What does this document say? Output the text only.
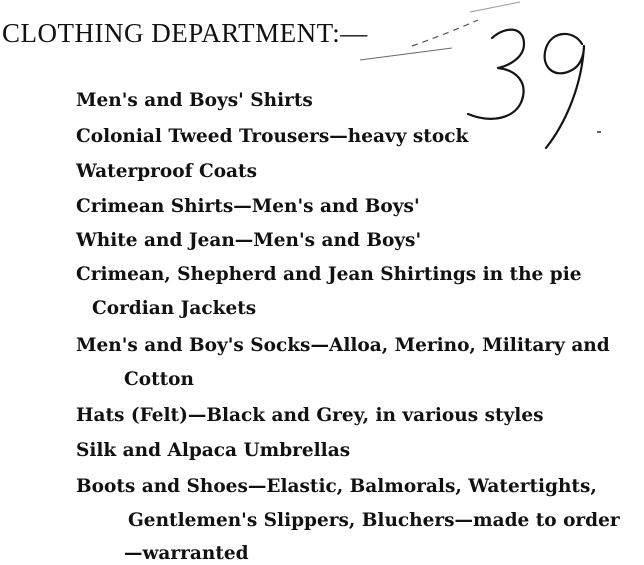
CLOTHING DEPARTMENT:—
Men's and Boys' Shirts
Colonial Tweed Trousers—heavy stock
Waterproof Coats
Crimean Shirts—Men's and Boys'
White and Jean—Men's and Boys'
Crimean, Shepherd and Jean Shirtings in the pie
Cordian Jackets
Men's and Boy's Socks—Alloa, Merino, Military and
Cotton
Hats (Felt)—Black and Grey, in various styles
Silk and Alpaca Umbrellas
Boots and Shoes—Elastic, Balmorals, Watertights,
Gentlemen's Slippers, Bluchers—made to order
—warranted
